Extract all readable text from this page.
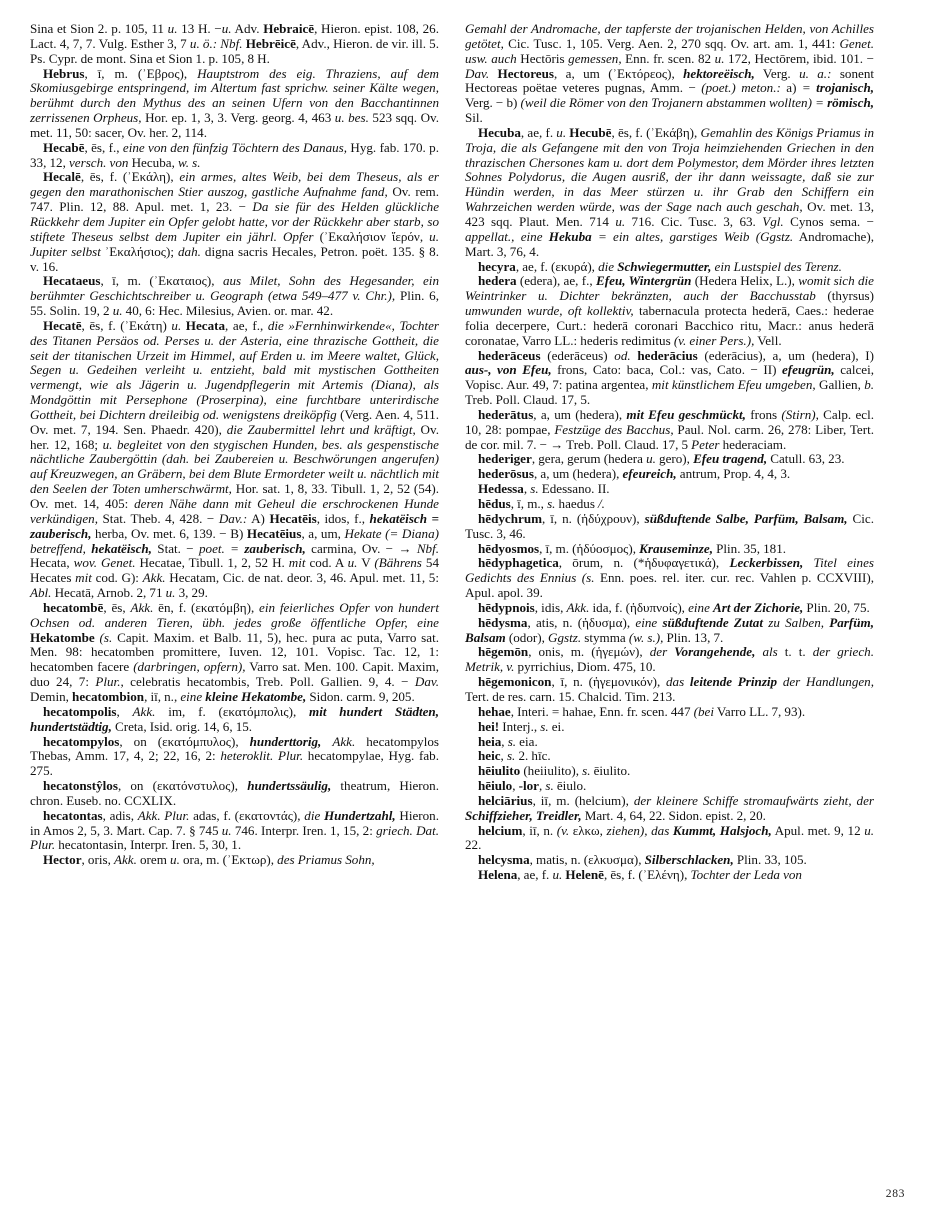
Sina et Sion 2. p. 105, 11 u. 13 H. −u. Adv. Hebraicē, Hieron. epist. 108, 26. Lact. 4, 7, 7. Vulg. Esther 3, 7 u. ö.: Nbf. Hebrēicē, Adv., Hieron. de vir. ill. 5. Ps. Cypr. de mont. Sina et Sion 1. p. 105, 8 H.

Hebrus, ī, m. (ʾΕβρος), Hauptstrom des eig. Thraziens, auf dem Skomiusgebirge entspringend, im Altertum fast sprichw. seiner Kälte wegen, berühmt durch den Mythus des an seinen Ufern von den Bacchantinnen zerrissenen Orpheus, Hor. ep. 1, 3, 3. Verg. georg. 4, 463 u. bes. 523 sqq. Ov. met. 11, 50: sacer, Ov. her. 2, 114.

Hecabē, ēs, f., eine von den fünfzig Töchtern des Danaus, Hyg. fab. 170. p. 33, 12, versch. von Hecuba, w. s.

Hecalē, ēs, f. (ʾΕκάλη), ein armes, altes Weib, bei dem Theseus, als er gegen den marathonischen Stier auszog, gastliche Aufnahme fand, Ov. rem. 747. Plin. 12, 88. Apul. met. 1, 23. − Da sie für des Helden glückliche Rückkehr dem Jupiter ein Opfer gelobt hatte, vor der Rückkehr aber starb, so stiftete Theseus selbst dem Jupiter ein jährl. Opfer (ʾΕκαλήσιον ἵερόν, u. Jupiter selbst ʾΕκαλήσιος); dah. digna sacris Hecales, Petron. poët. 135. § 8. v. 16.

Hecataeus, ī, m. (ʾΕκαταιος), aus Milet, Sohn des Hegesander, ein berühmter Geschichtschreiber u. Geograph (etwa 549–477 v. Chr.), Plin. 6, 55. Solin. 19, 2 u. 40, 6: Hec. Milesius, Avien. or. mar. 42.

Hecatē, ēs, f. (ʾΕκάτη) u. Hecata, ae, f., die »Fernhinwirkende«, Tochter des Titanen Persäos od. Perses u. der Asteria, eine thrazische Gottheit, die seit der titanischen Urzeit im Himmel, auf Erden u. im Meere waltet, Glück, Segen u. Gedeihen verleiht u. entzieht, bald mit mystischen Gottheiten vermengt, wie als Jägerin u. Jugendpflegerin mit Artemis (Diana), als Mondgöttin mit Persephone (Proserpina), eine furchtbare unterirdische Gottheit, bei Dichtern dreileibig od. wenigstens dreiköpfig (Verg. Aen. 4, 511. Ov. met. 7, 194. Sen. Phaedr. 420), die Zaubermittel lehrt und kräftigt, Ov. her. 12, 168; u. begleitet von den stygischen Hunden, bes. als gespenstische nächtliche Zaubergöttin (dah. bei Zaubereien u. Beschwörungen angerufen) auf Kreuzwegen, an Gräbern, bei dem Blute Ermordeter weilt u. nächtlich mit den Seelen der Toten umherschwärmt, Hor. sat. 1, 8, 33. Tibull. 1, 2, 52 (54). Ov. met. 14, 405: deren Nähe dann mit Geheul die erschrockenen Hunde verkündigen, Stat. Theb. 4, 428. − Dav.: A) Hecatēis, idos, f., hekatëisch = zauberisch, herba, Ov. met. 6, 139. − B) Hecatēius, a, um, Hekate (= Diana) betreffend, hekatëisch, Stat. − poet. = zauberisch, carmina, Ov. − → Nbf. Hecata, wov. Genet. Hecatae, Tibull. 1, 2, 52 H. mit cod. A u. V (Bährens 54 Hecates mit cod. G): Akk. Hecatam, Cic. de nat. deor. 3, 46. Apul. met. 11, 5: Abl. Hecatā, Arnob. 2, 71 u. 3, 29.

hecatombē, ēs, Akk. ēn, f. (εκατόμβη), ein feierliches Opfer von hundert Ochsen od. anderen Tieren, übh. jedes große öffentliche Opfer, eine Hekatombe (s. Capit. Maxim. et Balb. 11, 5), hec. pura ac puta, Varro sat. Men. 98: hecatomben promittere, Iuven. 12, 101. Vopisc. Tac. 12, 1: hecatomben facere (darbringen, opfern), Varro sat. Men. 100. Capit. Maxim, duo 24, 7: Plur., celebratis hecatombis, Treb. Poll. Gallien. 9, 4. − Dav. Demin, hecatombion, iī, n., eine kleine Hekatombe, Sidon. carm. 9, 205.

hecatompolis, Akk. im, f. (εκατόμπολις), mit hundert Städten, hundertstädtig, Creta, Isid. orig. 14, 6, 15.

hecatompylos, on (εκατόμπυλος), hunderttorig, Akk. hecatompylos Thebas, Amm. 17, 4, 2; 22, 16, 2: heteroklit. Plur. hecatompylae, Hyg. fab. 275.

hecatonstŷlos, on (εκατόνστυλος), hundertssäulig, theatrum, Hieron. chron. Euseb. no. CCXLIX.

hecatontas, adis, Akk. Plur. adas, f. (εκατοντάς), die Hundertzahl, Hieron. in Amos 2, 5, 3. Mart. Cap. 7. § 745 u. 746. Interpr. Iren. 1, 15, 2: griech. Dat. Plur. hecatontasin, Interpr. Iren. 5, 30, 1.

Hector, oris, Akk. orem u. ora, m. (ʾΕκτωρ), des Priamus Sohn,

Gemahl der Andromache, der tapferste der trojanischen Helden, von Achilles getötet, Cic. Tusc. 1, 105. Verg. Aen. 2, 270 sqq. Ov. art. am. 1, 441: Genet. usw. auch Hectōris gemessen, Enn. fr. scen. 82 u. 172, Hectōrem, ibid. 101. − Dav. Hectoreus, a, um (ʾΕκτόρεος), hektoreëisch, Verg. u. a.: sonent Hectoreas poëtae veteres pugnas, Amm. − (poet.) meton.: a) = trojanisch, Verg. − b) (weil die Römer von den Trojanern abstammen wollten) = römisch, Sil.

Hecuba, ae, f. u. Hecubē, ēs, f. (ʾΕκάβη), Gemahlin des Königs Priamus in Troja, die als Gefangene mit den von Troja heimziehenden Griechen in den thrazischen Chersones kam u. dort dem Polymestor, dem Mörder ihres letzten Sohnes Polydorus, die Augen ausriß, der ihr dann weissagte, daß sie zur Hündin werden, in das Meer stürzen u. ihr Grab den Schiffern ein Wahrzeichen werden würde, was der Sage nach auch geschah, Ov. met. 13, 423 sqq. Plaut. Men. 714 u. 716. Cic. Tusc. 3, 63. Vgl. Cynos sema. − appellat., eine Hekuba = ein altes, garstiges Weib (Ggstz. Andromache), Mart. 3, 76, 4.

hecyra, ae, f. (εκυρά), die Schwiegermutter, ein Lustspiel des Terenz.

hedera (edera), ae, f., Efeu, Wintergrün (Hedera Helix, L.), womit sich die Weintrinker u. Dichter bekränzten, auch der Bacchusstab (thyrsus) umwunden wurde, oft kollektiv, tabernacula protecta hederā, Caes.: hederae folia decerpere, Curt.: hederā coronari Bacchico ritu, Macr.: anus hederā coronatae, Varro LL.: hederis redimitus (v. einer Pers.), Vell.

hederāceus (ederāceus) od. hederācius (ederācius), a, um (hedera), I) aus-, von Efeu, frons, Cato: baca, Col.: vas, Cato. − II) efeugrün, calcei, Vopisc. Aur. 49, 7: patina argentea, mit künstlichem Efeu umgeben, Gallien, b. Treb. Poll. Claud. 17, 5.

hederātus, a, um (hedera), mit Efeu geschmückt, frons (Stirn), Calp. ecl. 10, 28: pompae, Festzüge des Bacchus, Paul. Nol. carm. 26, 278: Liber, Tert. de cor. mil. 7. − → Treb. Poll. Claud. 17, 5 Peter hederaciam.

hederiger, gera, gerum (hedera u. gero), Efeu tragend, Catull. 63, 23.

hederōsus, a, um (hedera), efeureich, antrum, Prop. 4, 4, 3.

Hedessa, s. Edessano. II.

hēdus, ī, m., s. haedus /.

hēdychrum, ī, n. (ἡδύχρουν), süßduftende Salbe, Parfüm, Balsam, Cic. Tusc. 3, 46.

hēdyosmos, ī, m. (ἡδύοσμος), Krauseminze, Plin. 35, 181.

hēdyphagetica, ōrum, n. (*ἡδυφαγετικά), Leckerbissen, Titel eines Gedichts des Ennius (s. Enn. poes. rel. iter. cur. rec. Vahlen p. CCXVIII), Apul. apol. 39.

hēdypnois, idis, Akk. ida, f. (ἡδυπνοίς), eine Art der Zichorie, Plin. 20, 75.

hēdysma, atis, n. (ἡδυσμα), eine süßduftende Zutat zu Salben, Parfüm, Balsam (odor), Ggstz. stymma (w. s.), Plin. 13, 7.

hēgemōn, onis, m. (ἡγεμών), der Vorangehende, als t. t. der griech. Metrik, v. pyrrichius, Diom. 475, 10.

hēgemonicon, ī, n. (ἡγεμονικόν), das leitende Prinzip der Handlungen, Tert. de res. carn. 15. Chalcid. Tim. 213.

hehae, Interi. = hahae, Enn. fr. scen. 447 (bei Varro LL. 7, 93).

hei! Interj., s. ei.

heia, s. eia.

heic, s. 2. hīc.

hēiulito (heiiulito), s. ēiulito.

hēiulo, -lor, s. ēiulo.

helciārius, iī, m. (helcium), der kleinere Schiffe stromaufwärts zieht, der Schiffzieher, Treidler, Mart. 4, 64, 22. Sidon. epist. 2, 20.

helcium, iī, n. (v. ελκω, ziehen), das Kummt, Halsjoch, Apul. met. 9, 12 u. 22.

helcysma, matis, n. (ελκυσμα), Silberschlacken, Plin. 33, 105.

Helena, ae, f. u. Helenē, ēs, f. (ʾΕλένη), Tochter der Leda von

283
